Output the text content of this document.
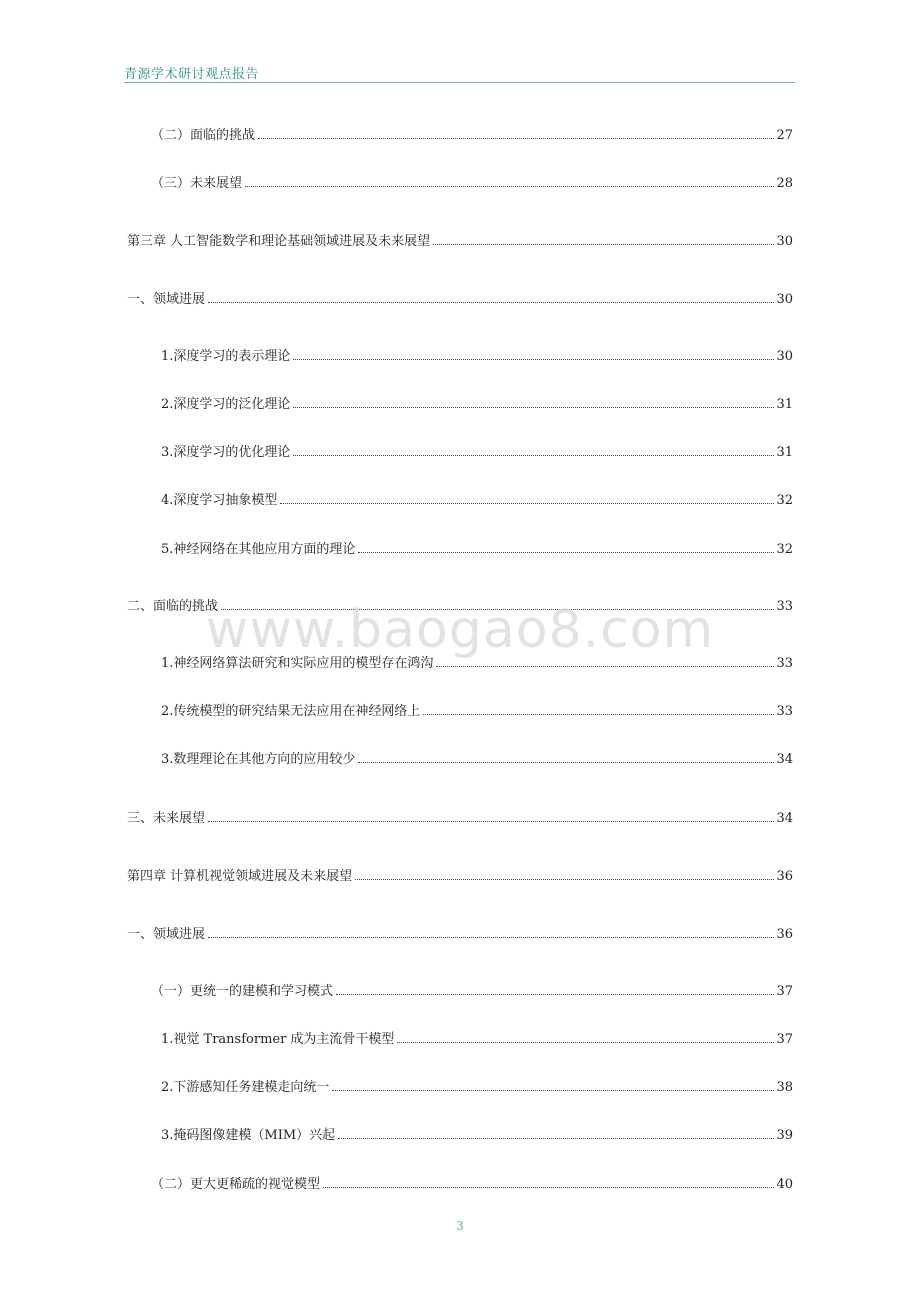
青源学术研讨观点报告
（二）面临的挑战	27
（三）未来展望	28
第三章 人工智能数学和理论基础领域进展及未来展望	30
一、领域进展	30
1.深度学习的表示理论	30
2.深度学习的泛化理论	31
3.深度学习的优化理论	31
4.深度学习抽象模型	32
5.神经网络在其他应用方面的理论	32
二、面临的挑战	33
1.神经网络算法研究和实际应用的模型存在鸿沟	33
2.传统模型的研究结果无法应用在神经网络上	33
3.数理理论在其他方向的应用较少	34
三、未来展望	34
第四章 计算机视觉领域进展及未来展望	36
一、领域进展	36
（一）更统一的建模和学习模式	37
1.视觉 Transformer 成为主流骨干模型	37
2.下游感知任务建模走向统一	38
3.掩码图像建模（MIM）兴起	39
（二）更大更稀疏的视觉模型	40
www.baogao8.com
3
